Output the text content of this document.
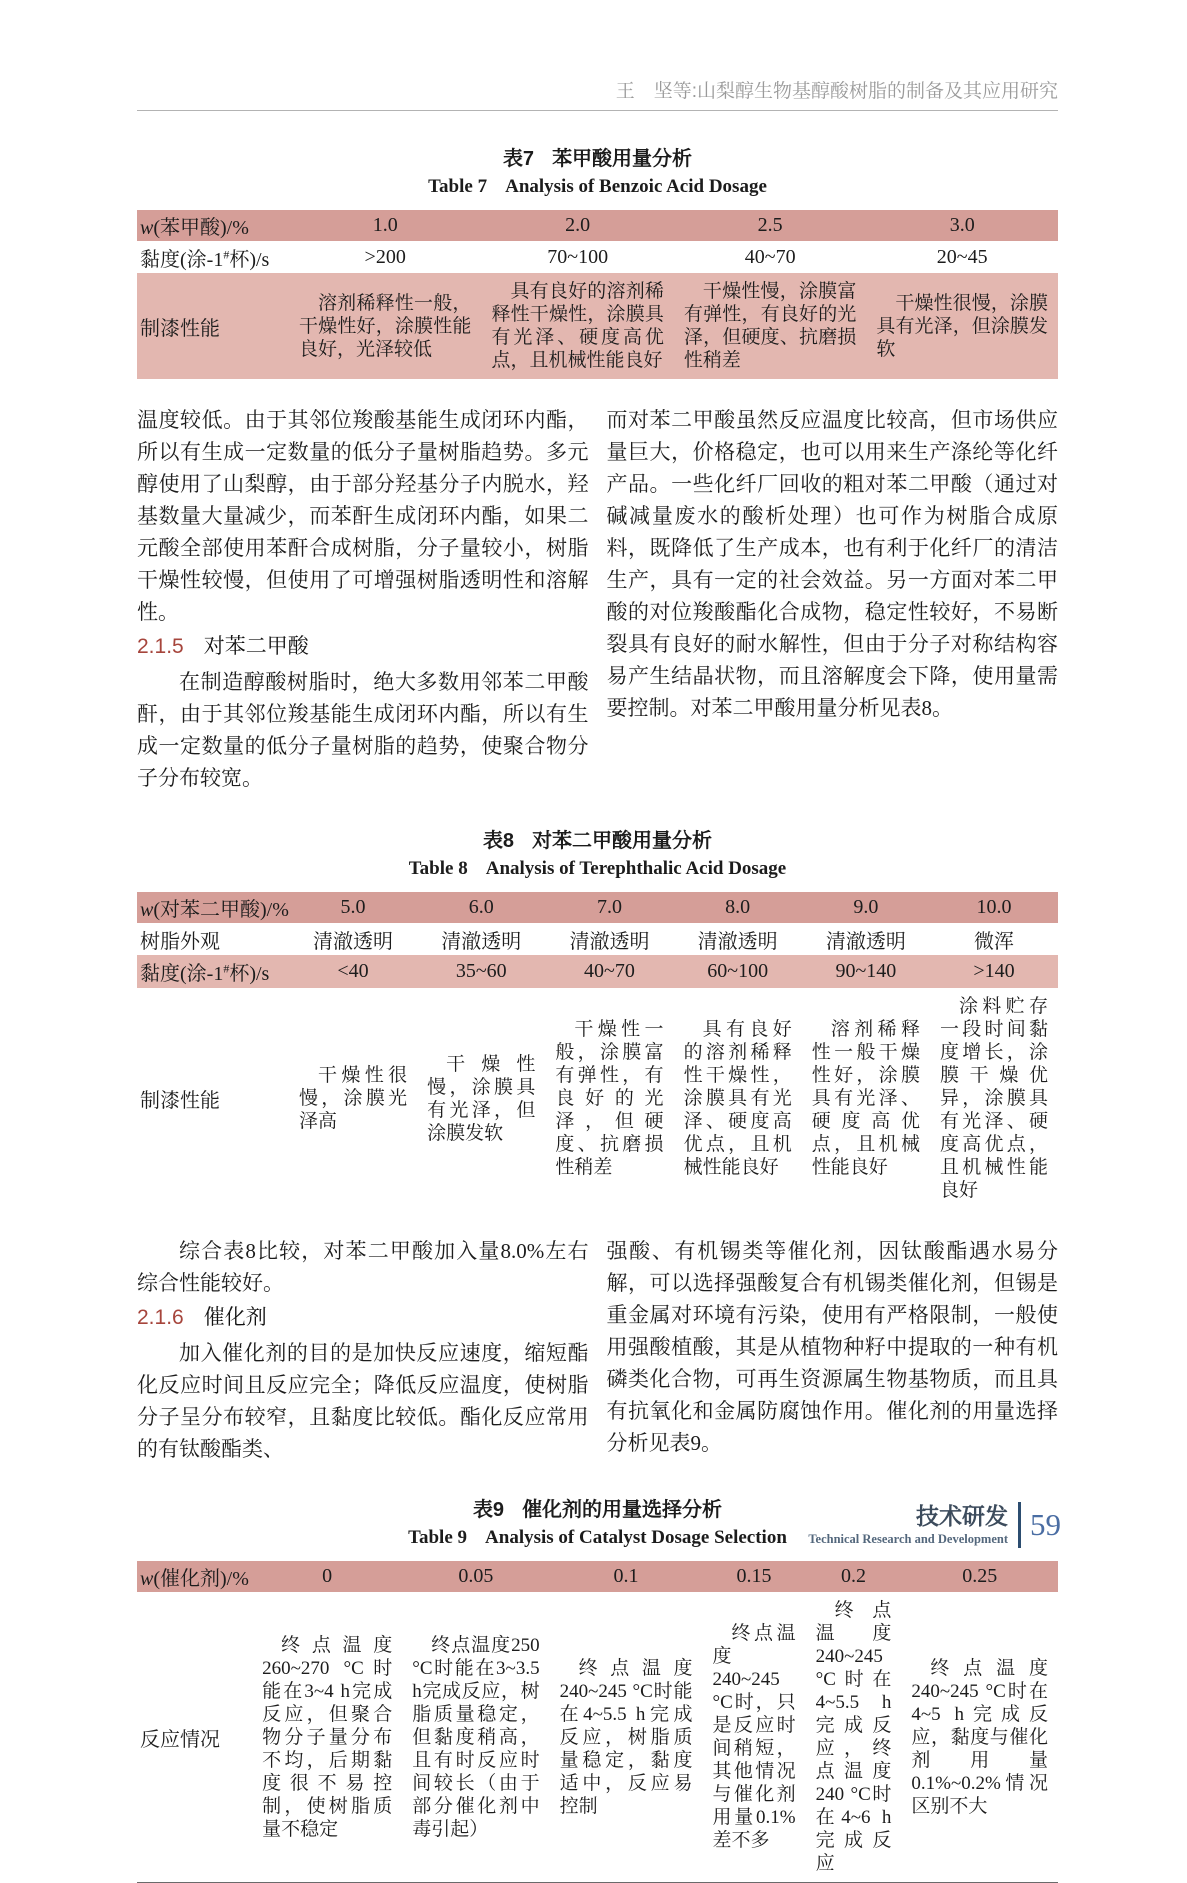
王　坚等:山梨醇生物基醇酸树脂的制备及其应用研究
表7 苯甲酸用量分析
Table 7 Analysis of Benzoic Acid Dosage
w(苯甲酸)/%	1.0	2.0	2.5	3.0
黏度(涂-1#杯)/s	>200	70~100	40~70	20~45
制漆性能	溶剂稀释性一般，干燥性好，涂膜性能良好，光泽较低	具有良好的溶剂稀释性干燥性，涂膜具有光泽、硬度高优点，且机械性能良好	干燥性慢，涂膜富有弹性，有良好的光泽，但硬度、抗磨损性稍差	干燥性很慢，涂膜具有光泽，但涂膜发软

温度较低。由于其邻位羧酸基能生成闭环内酯，所以有生成一定数量的低分子量树脂趋势。多元醇使用了山梨醇，由于部分羟基分子内脱水，羟基数量大量减少，而苯酐生成闭环内酯，如果二元酸全部使用苯酐合成树脂，分子量较小，树脂干燥性较慢，但使用了可增强树脂透明性和溶解性。

2.1.5 对苯二甲酸

在制造醇酸树脂时，绝大多数用邻苯二甲酸酐，由于其邻位羧基能生成闭环内酯，所以有生成一定数量的低分子量树脂的趋势，使聚合物分子分布较宽。

而对苯二甲酸虽然反应温度比较高，但市场供应量巨大，价格稳定，也可以用来生产涤纶等化纤产品。一些化纤厂回收的粗对苯二甲酸（通过对碱减量废水的酸析处理）也可作为树脂合成原料，既降低了生产成本，也有利于化纤厂的清洁生产，具有一定的社会效益。另一方面对苯二甲酸的对位羧酸酯化合成物，稳定性较好，不易断裂具有良好的耐水解性，但由于分子对称结构容易产生结晶状物，而且溶解度会下降，使用量需要控制。对苯二甲酸用量分析见表8。

表8 对苯二甲酸用量分析
Table 8 Analysis of Terephthalic Acid Dosage
w(对苯二甲酸)/%	5.0	6.0	7.0	8.0	9.0	10.0
树脂外观	清澈透明	清澈透明	清澈透明	清澈透明	清澈透明	微浑
黏度(涂-1#杯)/s	<40	35~60	40~70	60~100	90~140	>140
制漆性能	干燥性很慢，涂膜光泽高	干燥性慢，涂膜具有光泽，但涂膜发软	干燥性一般，涂膜富有弹性，有良好的光泽，但硬度、抗磨损性稍差	具有良好的溶剂稀释性干燥性，涂膜具有光泽、硬度高优点，且机械性能良好	溶剂稀释性一般干燥性好，涂膜具有光泽、硬度高优点，且机械性能良好	涂料贮存一段时间黏度增长，涂膜干燥优异，涂膜具有光泽、硬度高优点，且机械性能良好

综合表8比较，对苯二甲酸加入量8.0%左右综合性能较好。

2.1.6 催化剂

加入催化剂的目的是加快反应速度，缩短酯化反应时间且反应完全；降低反应温度，使树脂分子呈分布较窄，且黏度比较低。酯化反应常用的有钛酸酯类、

强酸、有机锡类等催化剂，因钛酸酯遇水易分解，可以选择强酸复合有机锡类催化剂，但锡是重金属对环境有污染，使用有严格限制，一般使用强酸植酸，其是从植物种籽中提取的一种有机磷类化合物，可再生资源属生物基物质，而且具有抗氧化和金属防腐蚀作用。催化剂的用量选择分析见表9。

表9 催化剂的用量选择分析
Table 9 Analysis of Catalyst Dosage Selection
w(催化剂)/%	0	0.05	0.1	0.15	0.2	0.25
反应情况	终点温度260~270 °C时能在3~4 h完成反应，但聚合物分子量分布不均，后期黏度很不易控制，使树脂质量不稳定	终点温度250 °C时能在3~3.5 h完成反应，树脂质量稳定，但黏度稍高，且有时反应时间较长（由于部分催化剂中毒引起）	终点温度240~245 °C时能在4~5.5 h完成反应，树脂质量稳定，黏度适中，反应易控制	终点温度240~245 °C时，只是反应时间稍短，其他情况与催化剂用量0.1%差不多	终点温度240~245 °C时在4~5.5 h完成反应，终点温度240 °C时在4~6 h完成反应	终点温度240~245 °C时在4~5 h完成反应，黏度与催化剂用量0.1%~0.2%情况区别不大
技术研发
Technical Research and Development 59
